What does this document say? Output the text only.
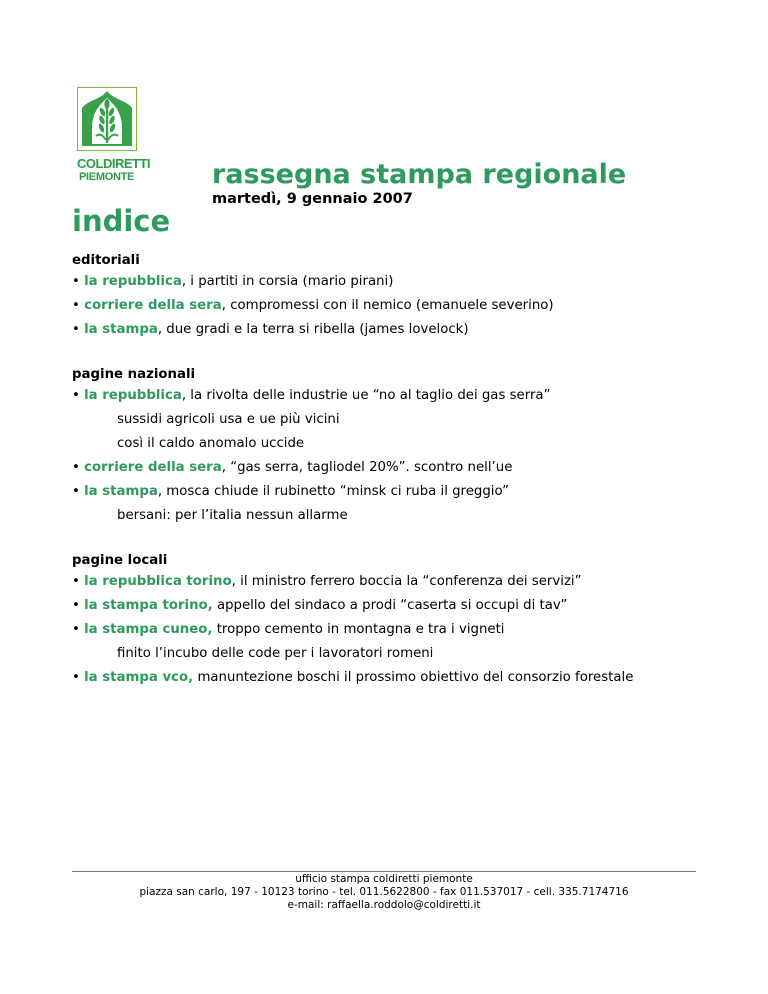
COLDIRETTI
PIEMONTE	rassegna stampa regionale
martedì, 9 gennaio 2007
indice
editoriali
• la repubblica, i partiti in corsia (mario pirani)
• corriere della sera, compromessi con il nemico (emanuele severino)
• la stampa, due gradi e la terra si ribella (james lovelock)
pagine nazionali
• la repubblica, la rivolta delle industrie ue “no al taglio dei gas serra”
sussidi agricoli usa e ue più vicini
così il caldo anomalo uccide
• corriere della sera, “gas serra, tagliodel 20%”. scontro nell’ue
• la stampa, mosca chiude il rubinetto “minsk ci ruba il greggio”
bersani: per l’italia nessun allarme
pagine locali
• la repubblica torino, il ministro ferrero boccia la “conferenza dei servizi”
• la stampa torino, appello del sindaco a prodi “caserta si occupi di tav”
• la stampa cuneo, troppo cemento in montagna e tra i vigneti
finito l’incubo delle code per i lavoratori romeni
• la stampa vco, manuntezione boschi il prossimo obiettivo del consorzio forestale
ufficio stampa coldiretti piemonte
piazza san carlo, 197 - 10123 torino - tel. 011.5622800 - fax 011.537017 - cell. 335.7174716
e-mail: raffaella.roddolo@coldiretti.it
